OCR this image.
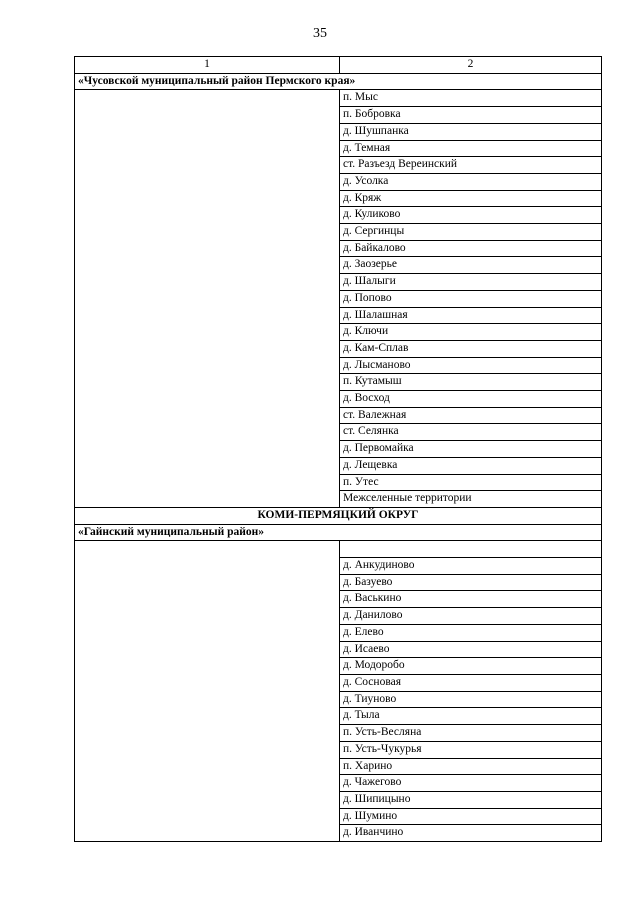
35
1	2
«Чусовской муниципальный район Пермского края»	
	п. Мыс
	п. Бобровка
	д. Шушпанка
	д. Темная
	ст. Разъезд Вереинский
	д. Усолка
	д. Кряж
	д. Куликово
	д. Сергинцы
	д. Байкалово
	д. Заозерье
	д. Шалыги
	д. Попово
	д. Шалашная
	д. Ключи
	д. Кам-Сплав
	д. Лысманово
	п. Кутамыш
	д. Восход
	ст. Валежная
	ст. Селянка
	д. Первомайка
	д. Лещевка
	п. Утес
	Межселенные территории
КОМИ-ПЕРМЯЦКИЙ ОКРУГ	
«Гайнский муниципальный район»	

	д. Анкудиново
	д. Базуево
	д. Васькино
	д. Данилово
	д. Елево
	д. Исаево
	д. Модоробо
	д. Сосновая
	д. Тиуново
	д. Тыла
	п. Усть-Весляна
	п. Усть-Чукурья
	п. Харино
	д. Чажегово
	д. Шипицыно
	д. Шумино
	д. Иванчино
